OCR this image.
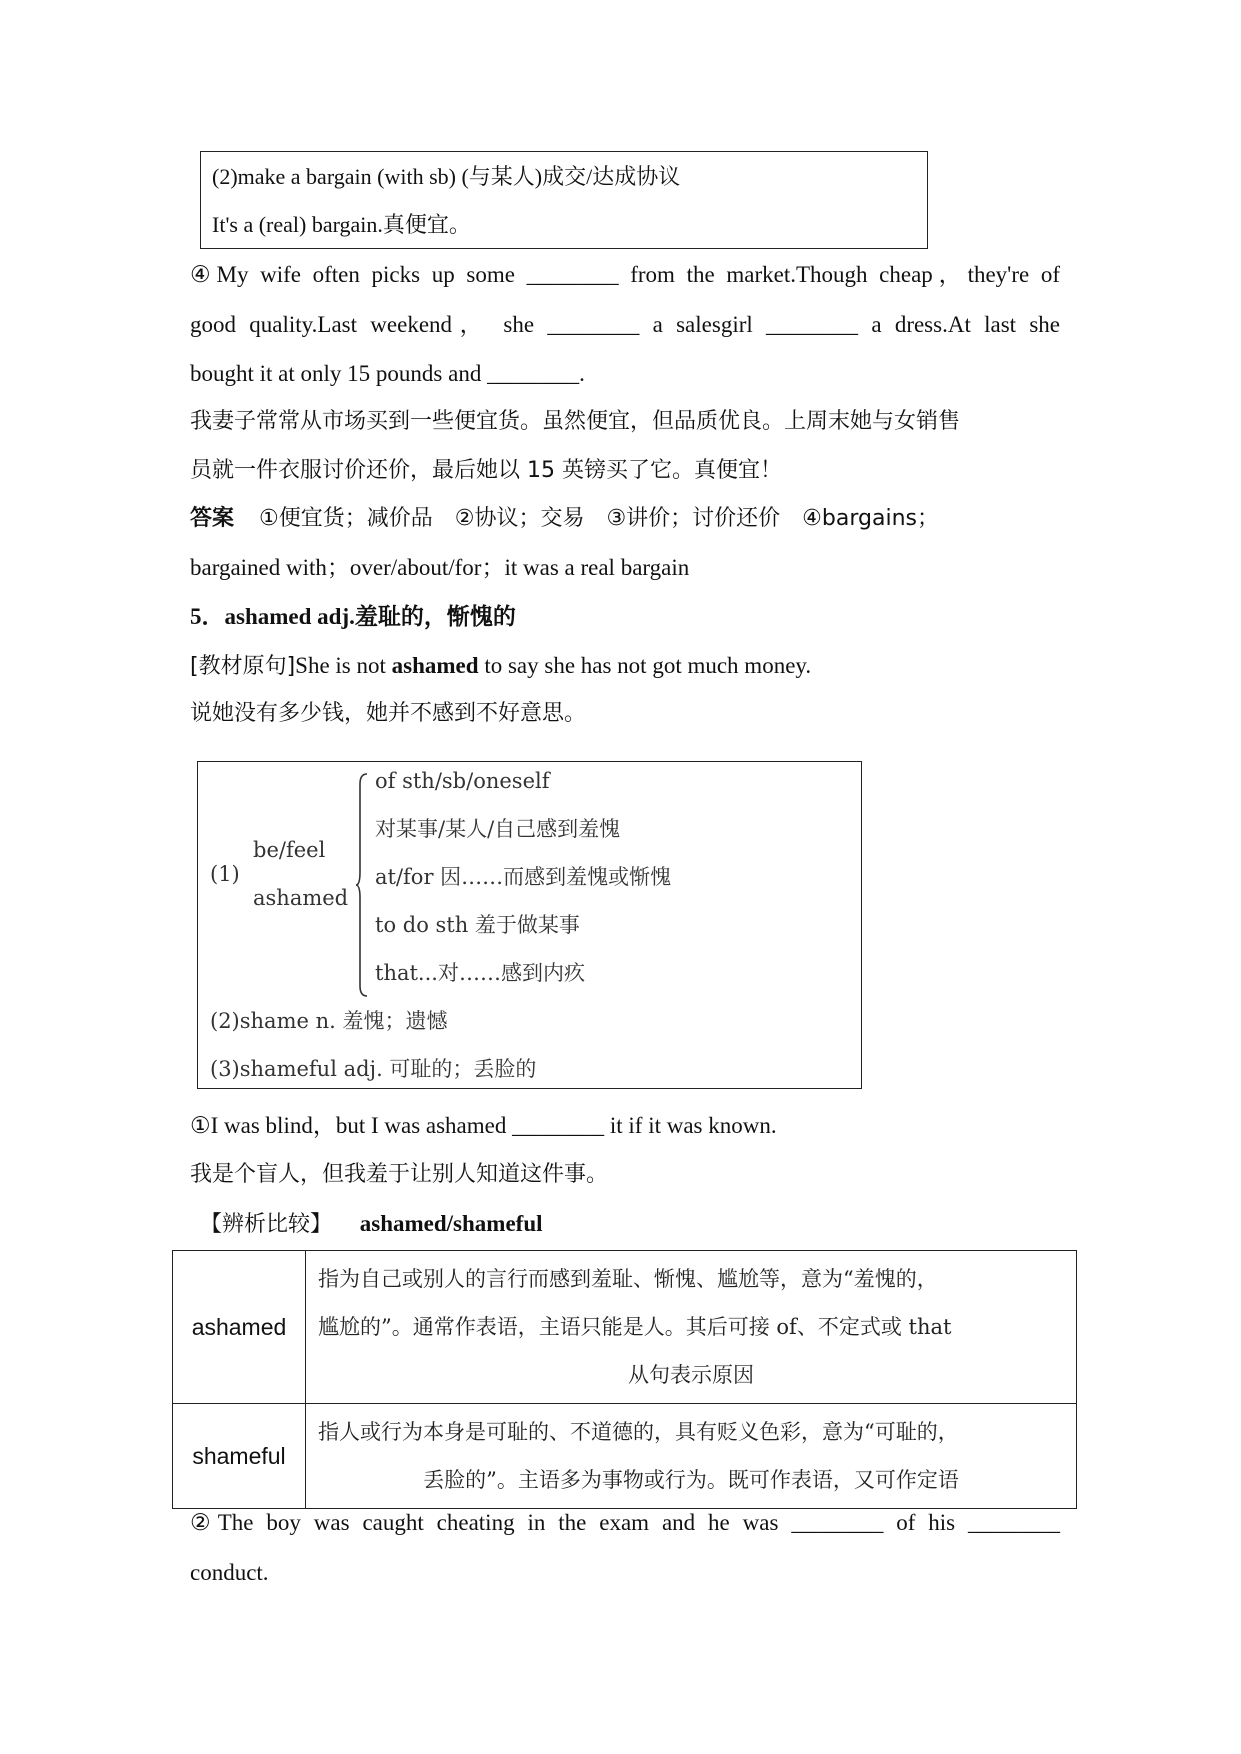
(2)make a bargain (with sb) (与某人)成交/达成协议
It's a (real) bargain.真便宜。
④My wife often picks up some ________ from the market.Though cheap，they're of
good quality.Last weekend， she ________ a salesgirl ________ a dress.At last she
bought it at only 15 pounds and ________.
我妻子常常从市场买到一些便宜货。虽然便宜，但品质优良。上周末她与女销售
员就一件衣服讨价还价，最后她以 15 英镑买了它。真便宜！
答案 ①便宜货；减价品　②协议；交易　③讲价；讨价还价　④bargains；
bargained with；over/about/for；it was a real bargain
5．ashamed adj.羞耻的，惭愧的
[教材原句]She is not ashamed to say she has not got much money.
说她没有多少钱，她并不感到不好意思。
(1)
be/feel
ashamed
of sth/sb/oneself
对某事/某人/自己感到羞愧
at/for 因……而感到羞愧或惭愧
to do sth 羞于做某事
that...对……感到内疚
(2)shame n. 羞愧；遗憾
(3)shameful adj. 可耻的；丢脸的
①I was blind，but I was ashamed ________ it if it was known.
我是个盲人，但我羞于让别人知道这件事。
【辨析比较】 ashamed/shameful
ashamed	指为自己或别人的言行而感到羞耻、惭愧、尴尬等，意为“羞愧的，
尴尬的”。通常作表语，主语只能是人。其后可接 of、不定式或 that
从句表示原因

shameful	指人或行为本身是可耻的、不道德的，具有贬义色彩，意为“可耻的，
丢脸的”。主语多为事物或行为。既可作表语，又可作定语
②The boy was caught cheating in the exam and he was ________ of his ________
conduct.
